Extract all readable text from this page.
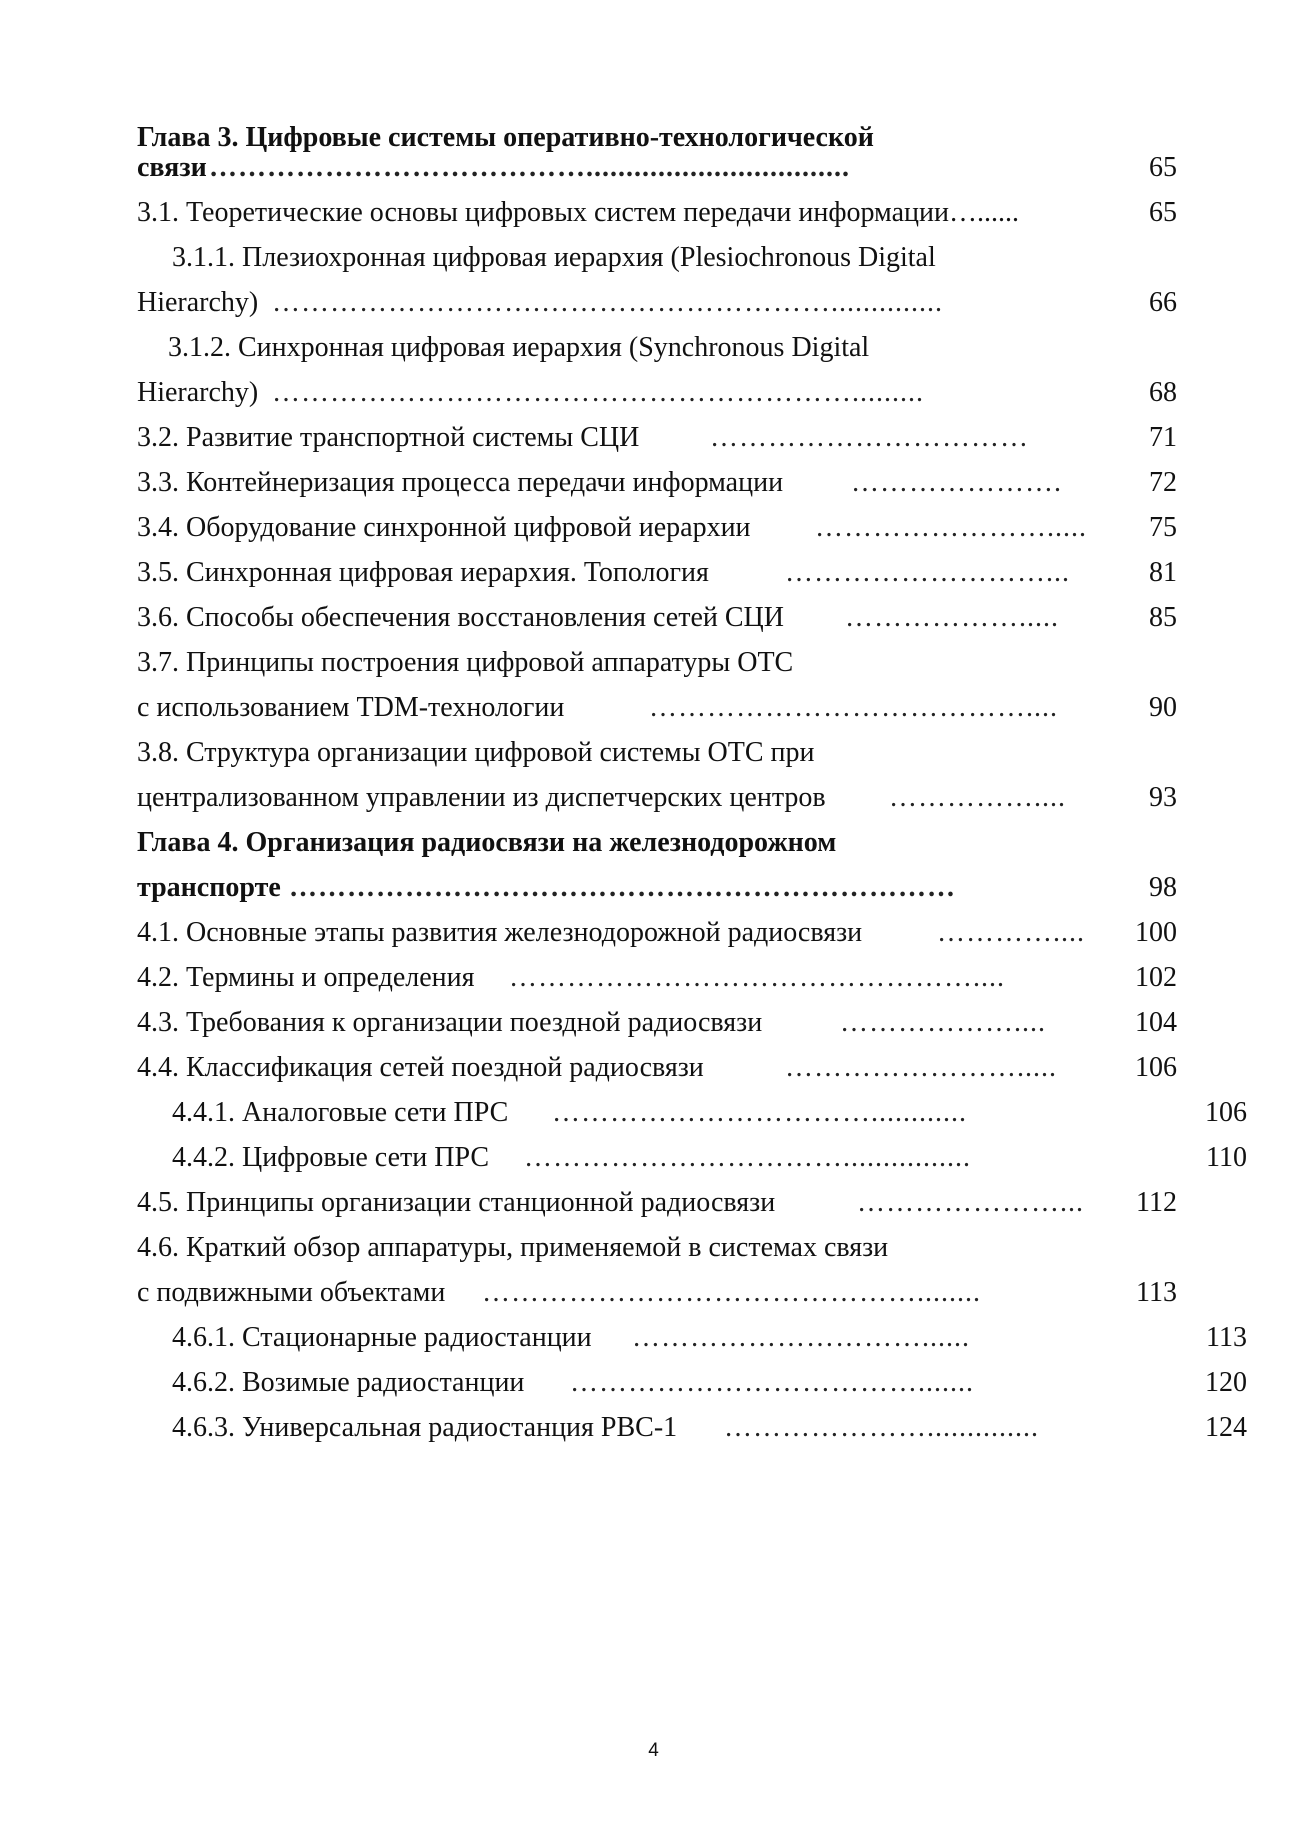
Глава 3. Цифровые системы оперативно-технологической
связи ………………………………….................................	65
3.1. Теоретические основы цифровых систем передачи информации…......	65
3.1.1. Плезиохронная цифровая иерархия (Plesiochronous Digital
Hierarchy) ……………………….…………………………..............	66
3.1.2. Синхронная цифровая иерархия (Synchronous Digital
Hierarchy) …………………………………………………….........	68
3.2. Развитие транспортной системы СЦИ	……………………………	71
3.3. Контейнеризация процесса передачи информации ………………….	72
3.4. Оборудование синхронной цифровой иерархии …………………….....	75
3.5. Синхронная цифровая иерархия. Топология	………………………...	81
3.6. Способы обеспечения восстановления сетей СЦИ ……………….....	85
3.7. Принципы построения цифровой аппаратуры ОТС
с использованием TDM-технологии	…………………………………....	90
3.8. Структура организации цифровой системы ОТС при
централизованном управлении из диспетчерских центров ……………....	93
Глава 4. Организация радиосвязи на железнодорожном
транспорте ……………………………………………………………	98
4.1. Основные этапы развития железнодорожной радиосвязи	…………....	100
4.2. Термины и определения …………………………………………....	102
4.3. Требования к организации поездной радиосвязи	………………....	104
4.4. Классификация сетей поездной радиосвязи	…………………….....	106
4.4.1. Аналоговые сети ПРС ……………………………............	106
4.4.2. Цифровые сети ПРС ……………………………................	110
4.5. Принципы организации станционной радиосвязи	…………………...	112
4.6. Краткий обзор аппаратуры, применяемой в системах связи
с подвижными объектами ………………………………………........	113
4.6.1. Стационарные радиостанции …………………………......	113
4.6.2. Возимые радиостанции ……………………………….......	120
4.6.3. Универсальная радиостанция РВС-1 …………………..............	124
4
